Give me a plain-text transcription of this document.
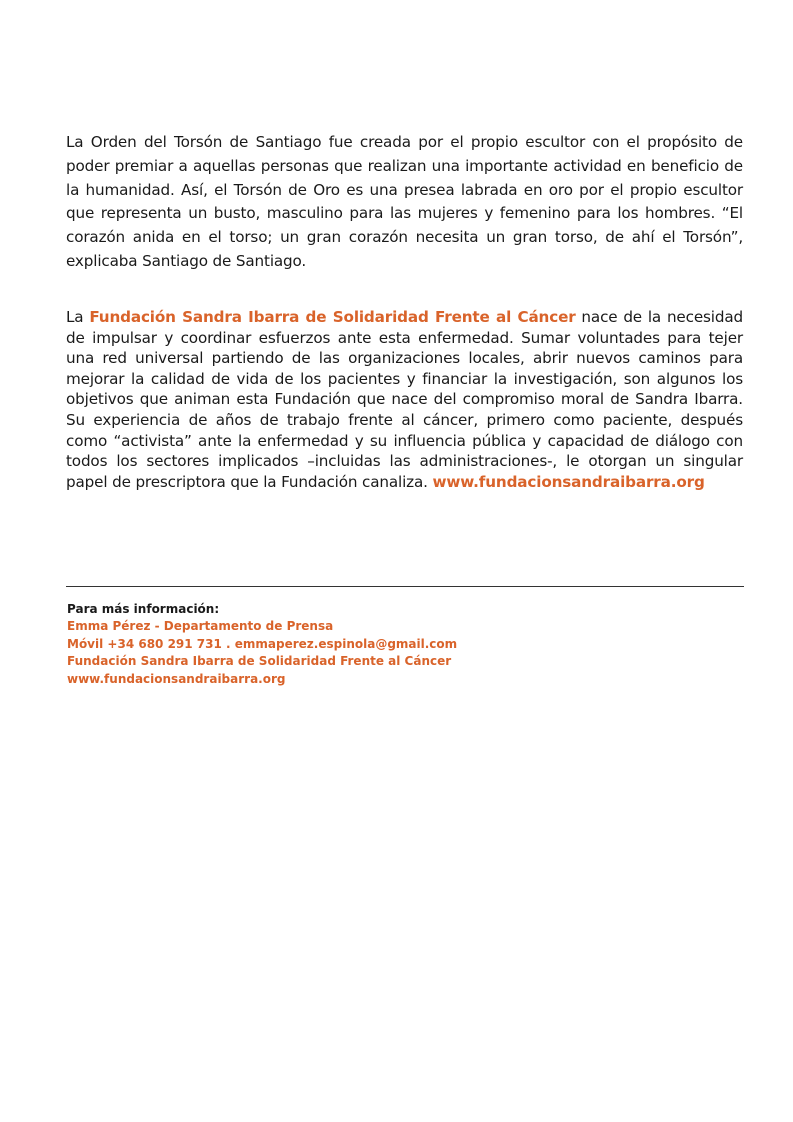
La Orden del Torsón de Santiago fue creada por el propio escultor con el propósito de poder premiar a aquellas personas que realizan una importante actividad en beneficio de la humanidad. Así, el Torsón de Oro es una presea labrada en oro por el propio escultor que representa un busto, masculino para las mujeres y femenino para los hombres. “El corazón anida en el torso; un gran corazón necesita un gran torso, de ahí el Torsón”, explicaba Santiago de Santiago.

La Fundación Sandra Ibarra de Solidaridad Frente al Cáncer nace de la necesidad de impulsar y coordinar esfuerzos ante esta enfermedad. Sumar voluntades para tejer una red universal partiendo de las organizaciones locales, abrir nuevos caminos para mejorar la calidad de vida de los pacientes y financiar la investigación, son algunos los objetivos que animan esta Fundación que nace del compromiso moral de Sandra Ibarra. Su experiencia de años de trabajo frente al cáncer, primero como paciente, después como “activista” ante la enfermedad y su influencia pública y capacidad de diálogo con todos los sectores implicados –incluidas las administraciones-, le otorgan un singular papel de prescriptora que la Fundación canaliza. www.fundacionsandraibarra.org

Para más información:
Emma Pérez - Departamento de Prensa
Móvil +34 680 291 731 . emmaperez.espinola@gmail.com
Fundación Sandra Ibarra de Solidaridad Frente al Cáncer
www.fundacionsandraibarra.org
